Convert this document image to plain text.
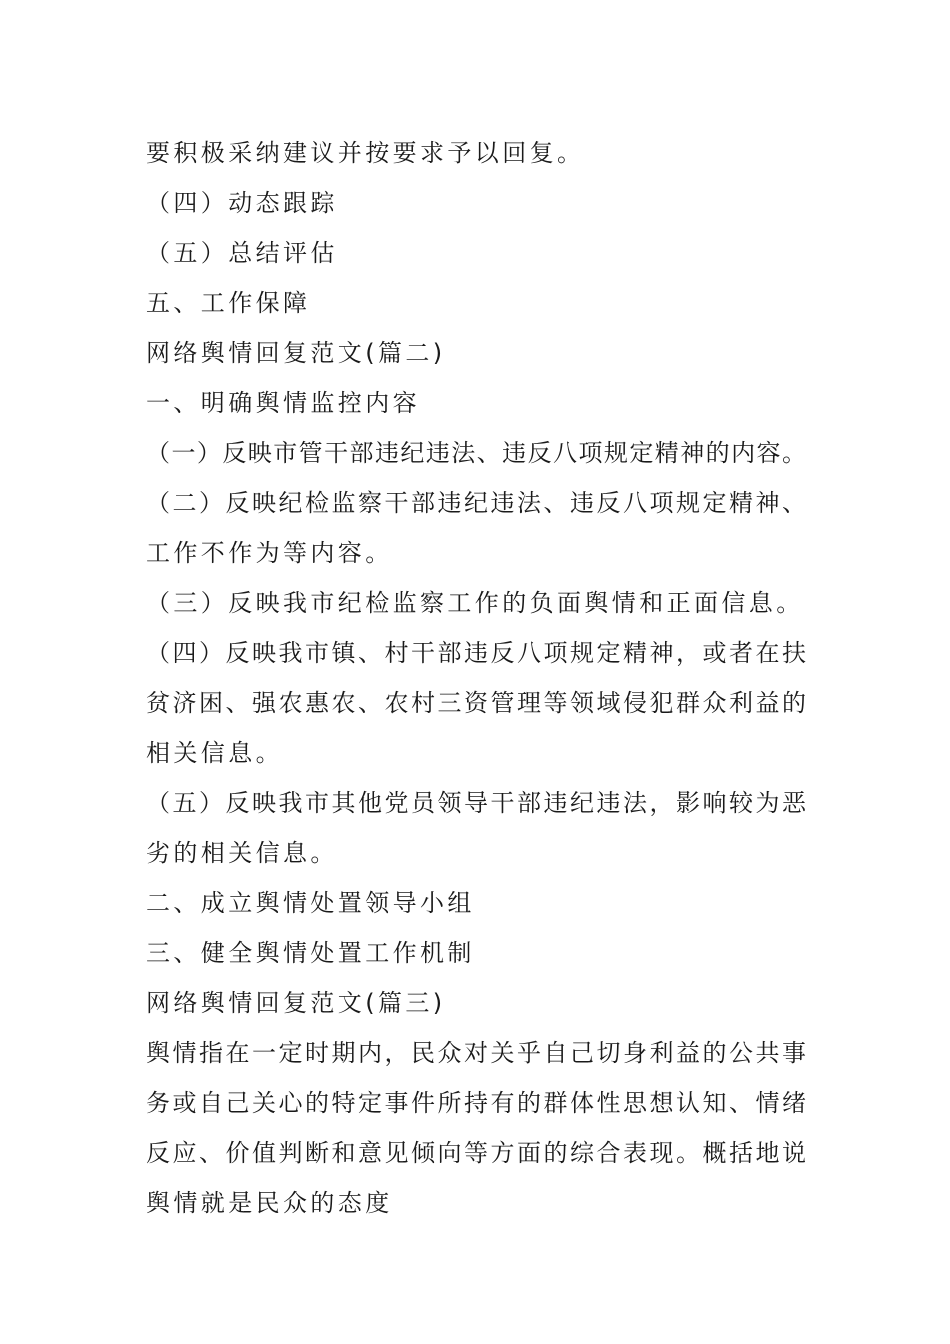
要积极采纳建议并按要求予以回复。
（四）动态跟踪
（五）总结评估
五、工作保障
网络舆情回复范文(篇二)
一、明确舆情监控内容
（一）反映市管干部违纪违法、违反八项规定精神的内容。
（二）反映纪检监察干部违纪违法、违反八项规定精神、
工作不作为等内容。
（三）反映我市纪检监察工作的负面舆情和正面信息。
（四）反映我市镇、村干部违反八项规定精神，或者在扶
贫济困、强农惠农、农村三资管理等领域侵犯群众利益的
相关信息。
（五）反映我市其他党员领导干部违纪违法，影响较为恶
劣的相关信息。
二、成立舆情处置领导小组
三、健全舆情处置工作机制
网络舆情回复范文(篇三)
舆情指在一定时期内，民众对关乎自己切身利益的公共事
务或自己关心的特定事件所持有的群体性思想认知、情绪
反应、价值判断和意见倾向等方面的综合表现。概括地说
舆情就是民众的态度
